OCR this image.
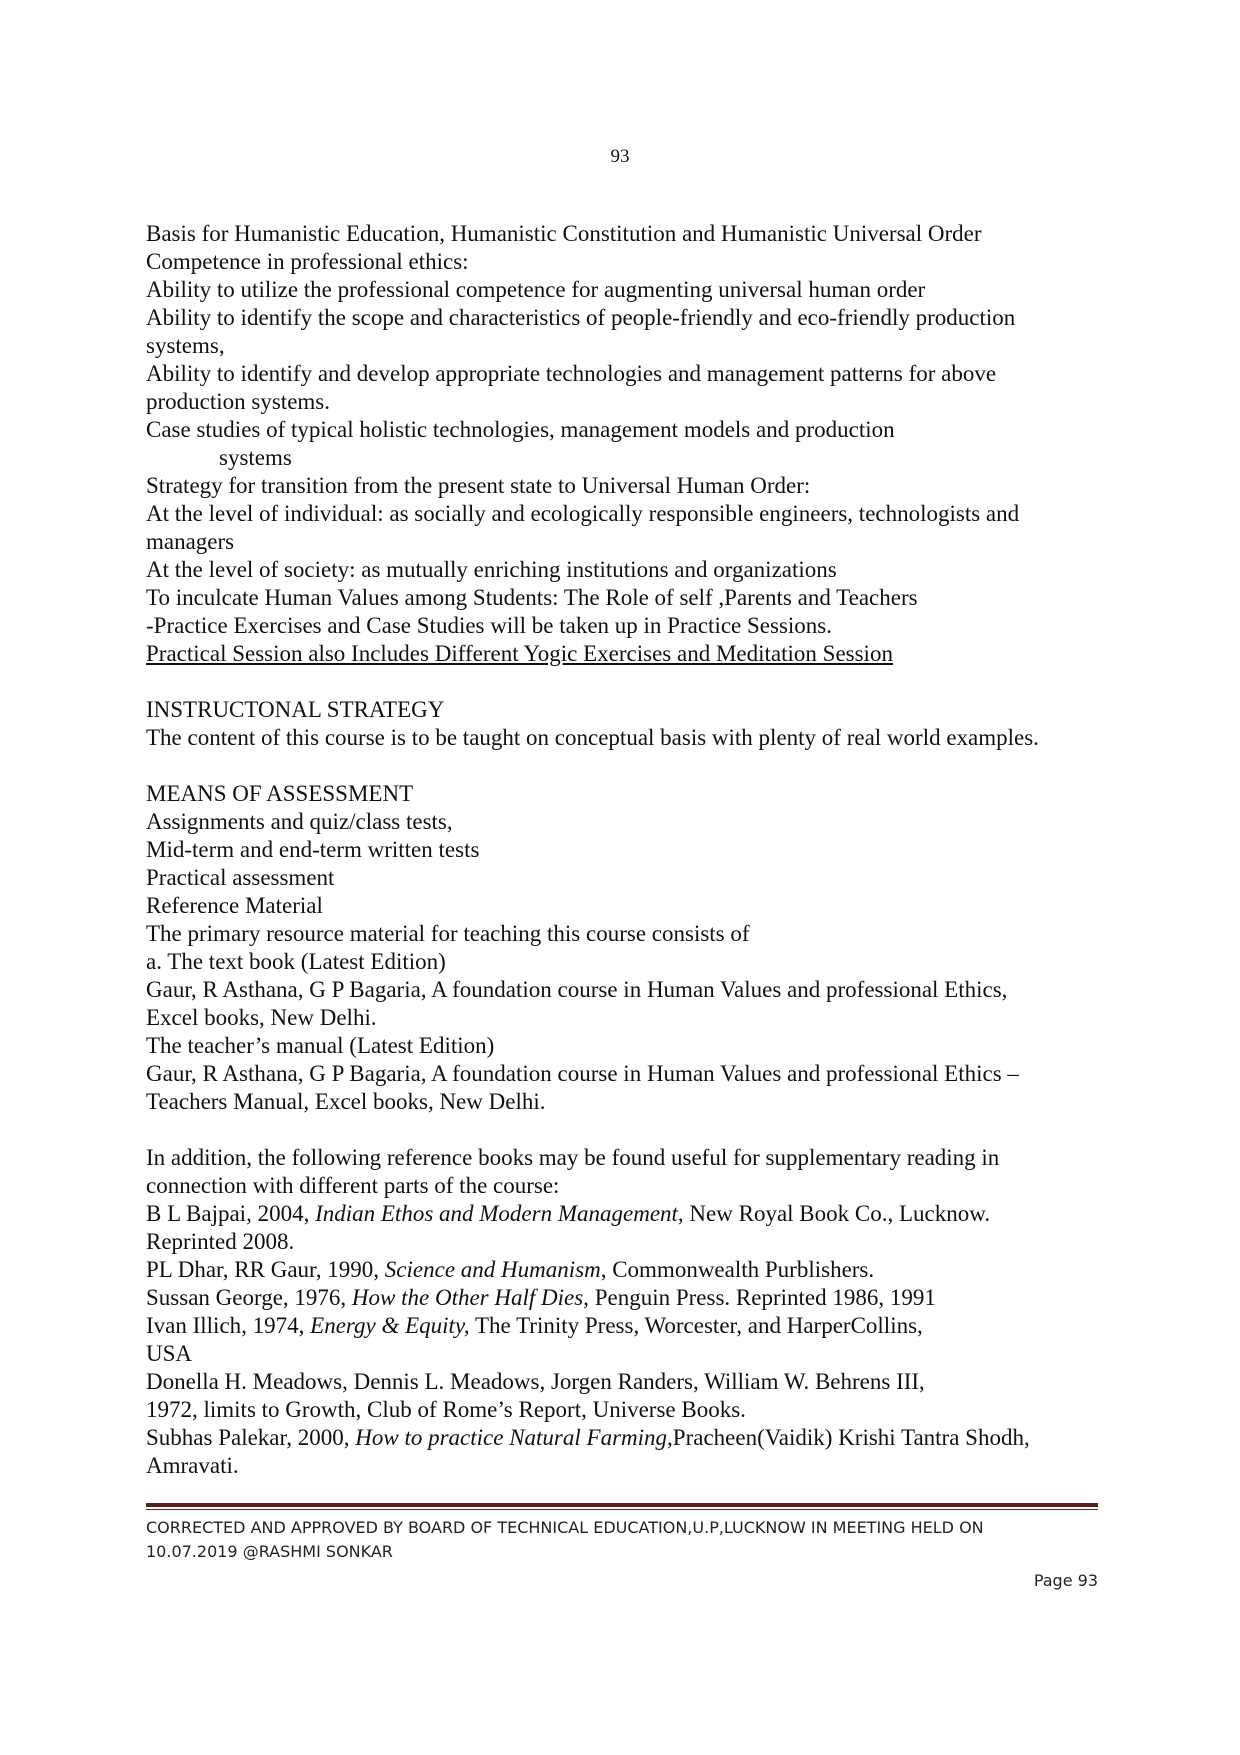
93
Basis for Humanistic Education, Humanistic Constitution and Humanistic Universal Order
Competence in professional ethics:
Ability to utilize the professional competence for augmenting universal human order
Ability to identify the scope and characteristics of people-friendly and eco-friendly production
systems,
Ability to identify and develop appropriate technologies and management patterns for above
production systems.
Case studies of typical holistic technologies, management models and production
systems
Strategy for transition from the present state to Universal Human Order:
At the level of individual: as socially and ecologically responsible engineers, technologists and
managers
At the level of society: as mutually enriching institutions and organizations
To inculcate Human Values among Students: The Role of self ,Parents and Teachers
-Practice Exercises and Case Studies will be taken up in Practice Sessions.
Practical Session also Includes Different Yogic Exercises and Meditation Session
INSTRUCTONAL STRATEGY
The content of this course is to be taught on conceptual basis with plenty of real world examples.
MEANS OF ASSESSMENT
Assignments and quiz/class tests,
Mid-term and end-term written tests
Practical assessment
Reference Material
The primary resource material for teaching this course consists of
a. The text book (Latest Edition)
Gaur, R Asthana, G P Bagaria, A foundation course in Human Values and professional Ethics,
Excel books, New Delhi.
The teacher’s manual (Latest Edition)
Gaur, R Asthana, G P Bagaria, A foundation course in Human Values and professional Ethics –
Teachers Manual, Excel books, New Delhi.
In addition, the following reference books may be found useful for supplementary reading in
connection with different parts of the course:
B L Bajpai, 2004, Indian Ethos and Modern Management, New Royal Book Co., Lucknow.
Reprinted 2008.
PL Dhar, RR Gaur, 1990, Science and Humanism, Commonwealth Purblishers.
Sussan George, 1976, How the Other Half Dies, Penguin Press. Reprinted 1986, 1991
Ivan Illich, 1974, Energy & Equity, The Trinity Press, Worcester, and HarperCollins,
USA
Donella H. Meadows, Dennis L. Meadows, Jorgen Randers, William W. Behrens III,
1972, limits to Growth, Club of Rome’s Report, Universe Books.
Subhas Palekar, 2000, How to practice Natural Farming,Pracheen(Vaidik) Krishi Tantra Shodh,
Amravati.
CORRECTED AND APPROVED BY BOARD OF TECHNICAL EDUCATION,U.P,LUCKNOW IN MEETING HELD ON
10.07.2019 @RASHMI SONKAR
Page 93
